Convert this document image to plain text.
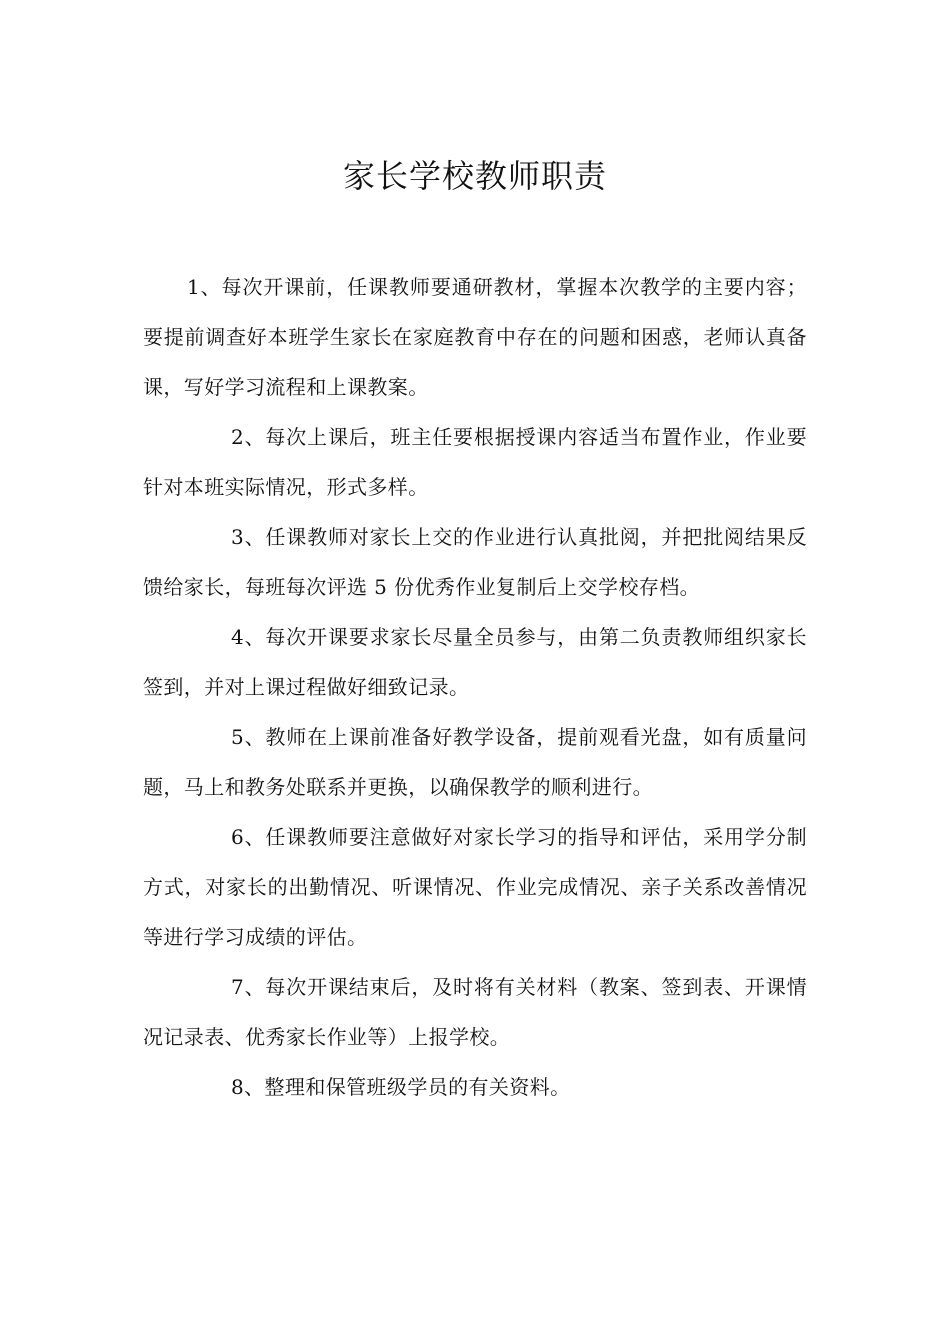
家长学校教师职责

1、每次开课前，任课教师要通研教材，掌握本次教学的主要内容；要提前调查好本班学生家长在家庭教育中存在的问题和困惑，老师认真备课，写好学习流程和上课教案。

2、每次上课后，班主任要根据授课内容适当布置作业，作业要针对本班实际情况，形式多样。

3、任课教师对家长上交的作业进行认真批阅，并把批阅结果反馈给家长，每班每次评选 5 份优秀作业复制后上交学校存档。

4、每次开课要求家长尽量全员参与，由第二负责教师组织家长签到，并对上课过程做好细致记录。

5、教师在上课前准备好教学设备，提前观看光盘，如有质量问题，马上和教务处联系并更换，以确保教学的顺利进行。

6、任课教师要注意做好对家长学习的指导和评估，采用学分制方式，对家长的出勤情况、听课情况、作业完成情况、亲子关系改善情况等进行学习成绩的评估。

7、每次开课结束后，及时将有关材料（教案、签到表、开课情况记录表、优秀家长作业等）上报学校。

8、整理和保管班级学员的有关资料。
